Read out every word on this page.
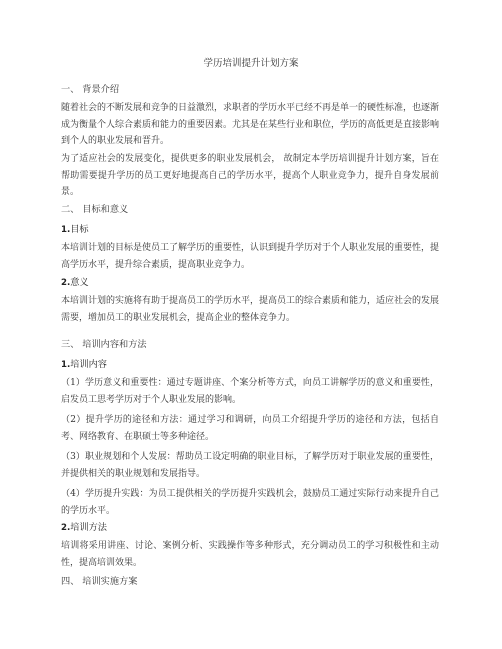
学历培训提升计划方案
一、 背景介绍
随着社会的不断发展和竞争的日益激烈，求职者的学历水平已经不再是单一的硬性标准，也逐渐成为衡量个人综合素质和能力的重要因素。尤其是在某些行业和职位，学历的高低更是直接影响到个人的职业发展和晋升。
为了适应社会的发展变化，提供更多的职业发展机会， 故制定本学历培训提升计划方案，旨在帮助需要提升学历的员工更好地提高自己的学历水平，提高个人职业竞争力，提升自身发展前景。
二、 目标和意义
1.目标
本培训计划的目标是使员工了解学历的重要性，认识到提升学历对于个人职业发展的重要性，提高学历水平，提升综合素质，提高职业竞争力。
2.意义
本培训计划的实施将有助于提高员工的学历水平，提高员工的综合素质和能力，适应社会的发展需要，增加员工的职业发展机会，提高企业的整体竞争力。
三、 培训内容和方法
1.培训内容
（1）学历意义和重要性：通过专题讲座、个案分析等方式，向员工讲解学历的意义和重要性，启发员工思考学历对于个人职业发展的影响。
（2）提升学历的途径和方法：通过学习和调研，向员工介绍提升学历的途径和方法，包括自考、网络教育、在职硕士等多种途径。
（3）职业规划和个人发展：帮助员工设定明确的职业目标，了解学历对于职业发展的重要性，并提供相关的职业规划和发展指导。
（4）学历提升实践：为员工提供相关的学历提升实践机会，鼓励员工通过实际行动来提升自己的学历水平。
2.培训方法
培训将采用讲座、讨论、案例分析、实践操作等多种形式，充分调动员工的学习积极性和主动性，提高培训效果。
四、 培训实施方案
